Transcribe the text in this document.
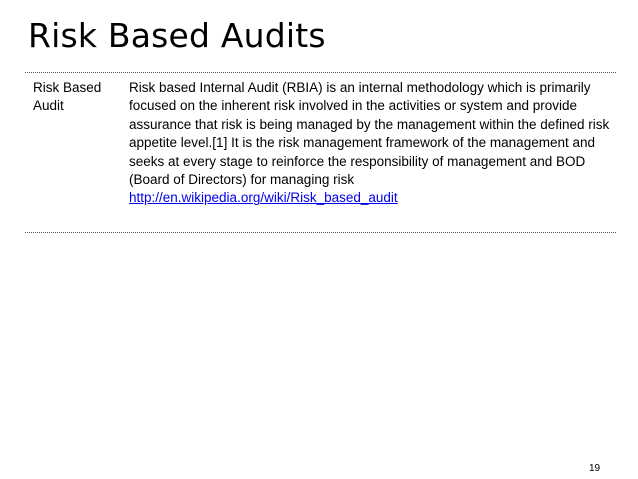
Risk Based Audits
Risk Based
Audit

Risk based Internal Audit (RBIA) is an internal methodology which is primarily focused on the inherent risk involved in the activities or system and provide assurance that risk is being managed by the management within the defined risk appetite level.[1] It is the risk management framework of the management and seeks at every stage to reinforce the responsibility of management and BOD (Board of Directors) for managing risk

http://en.wikipedia.org/wiki/Risk_based_audit
19
